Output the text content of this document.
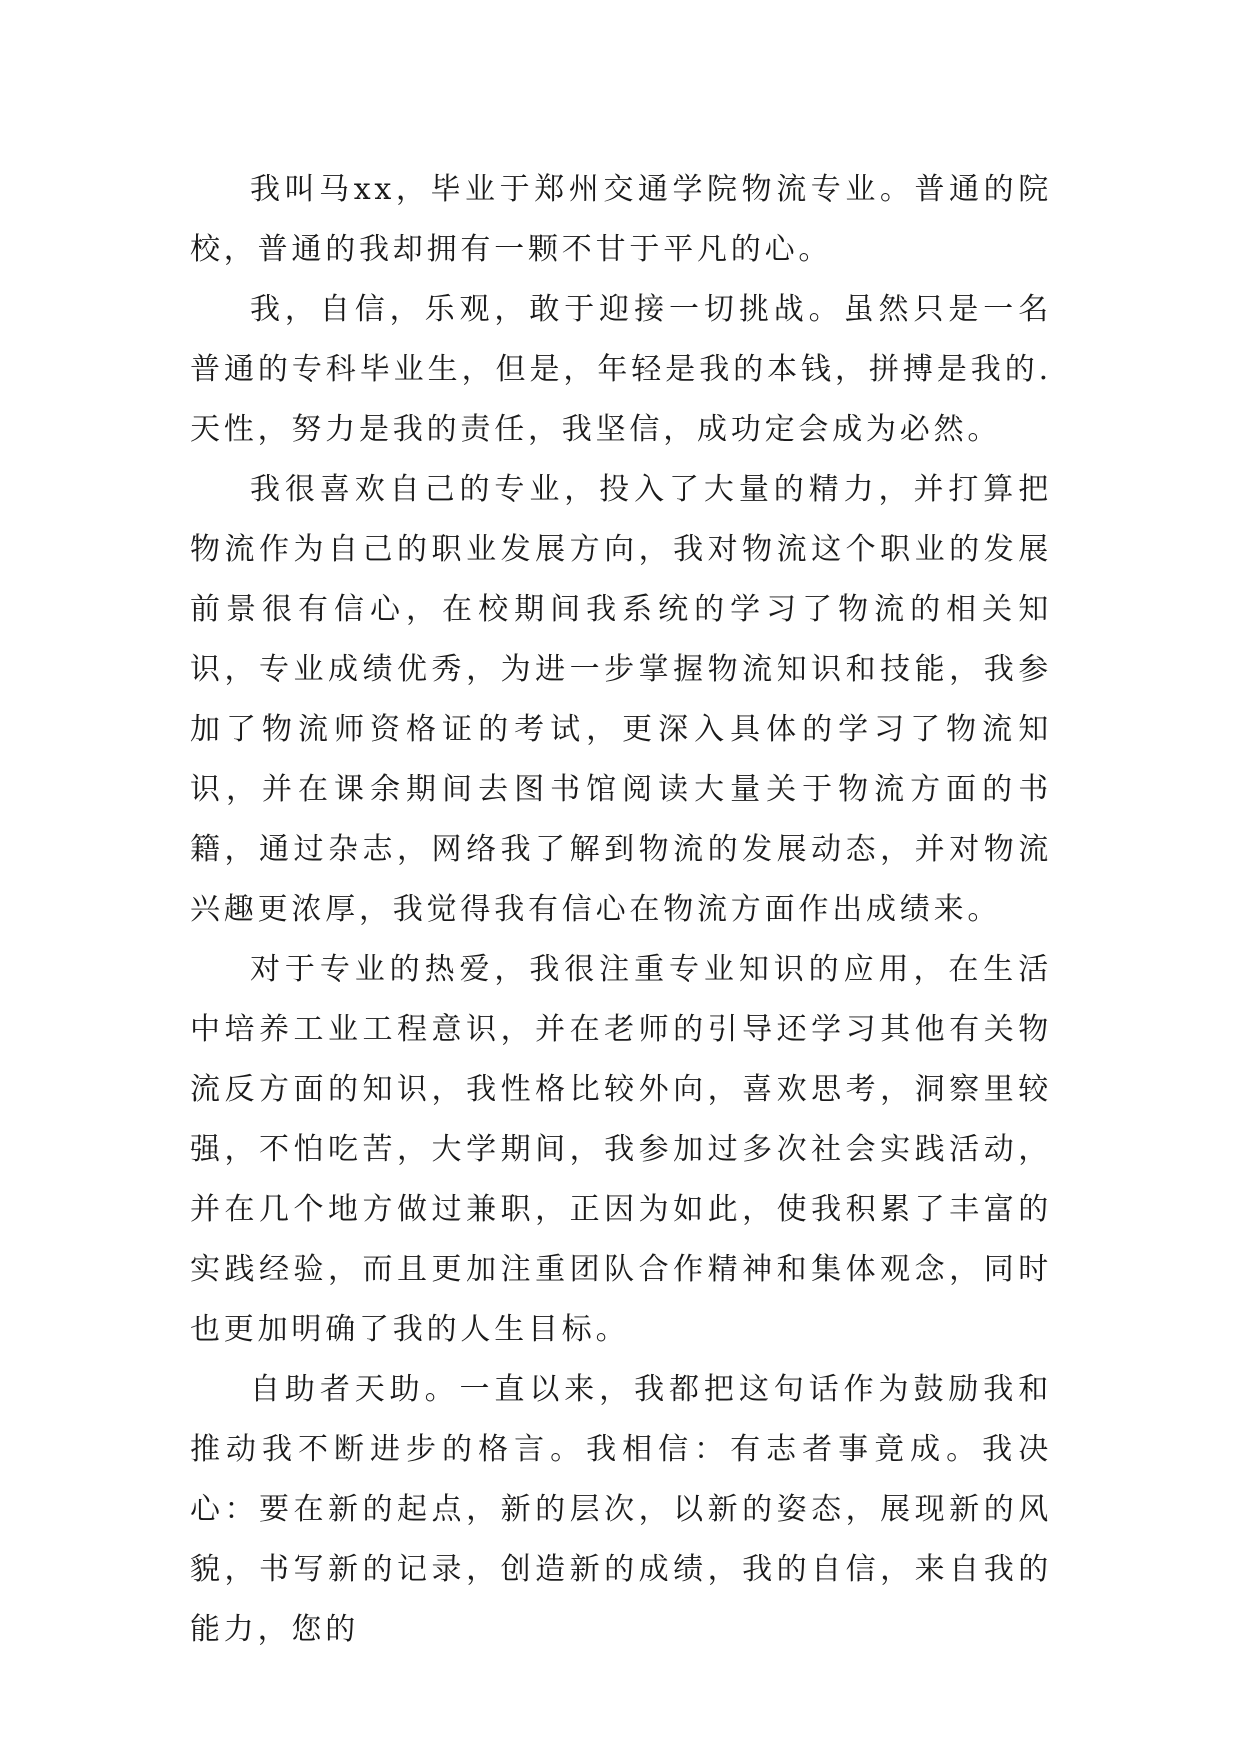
我叫马xx，毕业于郑州交通学院物流专业。普通的院校，普通的我却拥有一颗不甘于平凡的心。

我，自信，乐观，敢于迎接一切挑战。虽然只是一名普通的专科毕业生，但是，年轻是我的本钱，拼搏是我的.天性，努力是我的责任，我坚信，成功定会成为必然。

我很喜欢自己的专业，投入了大量的精力，并打算把物流作为自己的职业发展方向，我对物流这个职业的发展前景很有信心，在校期间我系统的学习了物流的相关知识，专业成绩优秀，为进一步掌握物流知识和技能，我参加了物流师资格证的考试，更深入具体的学习了物流知识，并在课余期间去图书馆阅读大量关于物流方面的书籍，通过杂志，网络我了解到物流的发展动态，并对物流兴趣更浓厚，我觉得我有信心在物流方面作出成绩来。

对于专业的热爱，我很注重专业知识的应用，在生活中培养工业工程意识，并在老师的引导还学习其他有关物流反方面的知识，我性格比较外向，喜欢思考，洞察里较强，不怕吃苦，大学期间，我参加过多次社会实践活动，并在几个地方做过兼职，正因为如此，使我积累了丰富的实践经验，而且更加注重团队合作精神和集体观念，同时也更加明确了我的人生目标。

自助者天助。一直以来，我都把这句话作为鼓励我和推动我不断进步的格言。我相信：有志者事竟成。我决心：要在新的起点，新的层次，以新的姿态，展现新的风貌，书写新的记录，创造新的成绩，我的自信，来自我的能力，您的
